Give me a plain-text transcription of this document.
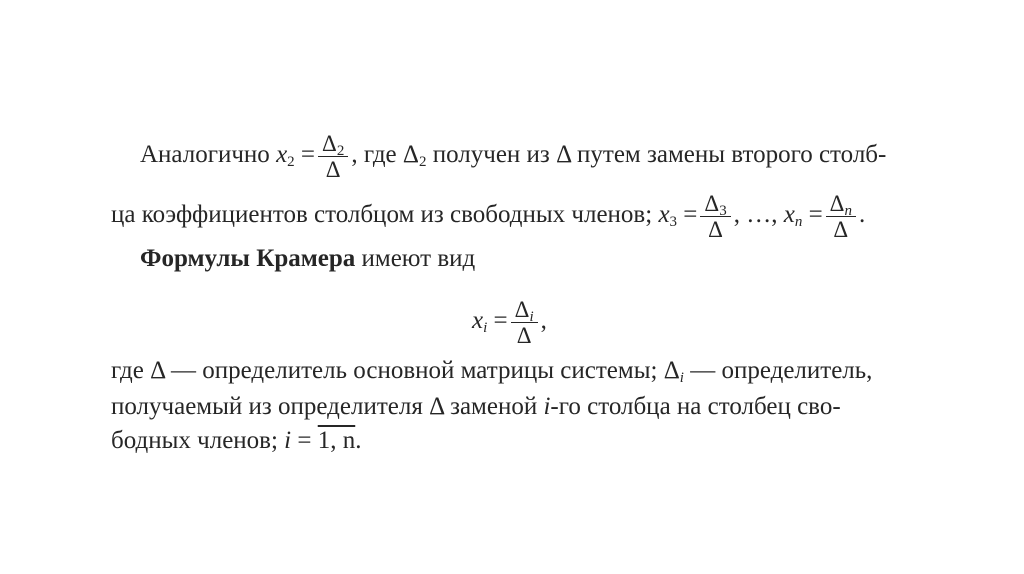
Аналогично $x_2 = \frac{\Delta_2}{\Delta}$ , где $\Delta_2$ получен из Δ путем замены второго столб-
ца коэффициентов столбцом из свободных членов; $x_3 = \frac{\Delta_3}{\Delta}$ , …, $x_n = \frac{\Delta_n}{\Delta}$ .
Формулы Крамера имеют вид
$x_i = \frac{\Delta_i}{\Delta}$ ,
где Δ — определитель основной матрицы системы; $\Delta_i$ — определитель,
получаемый из определителя Δ заменой i-го столбца на столбец сво-
бодных членов; i = 1, n.
